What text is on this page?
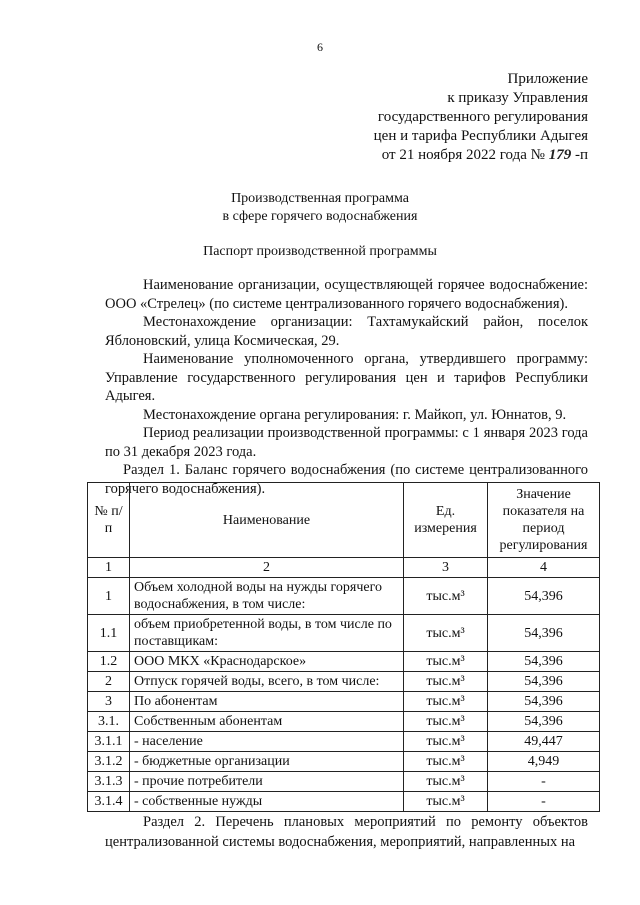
6
Приложение
к приказу Управления
государственного регулирования
цен и тарифа Республики Адыгея
от 21 ноября 2022 года № 179 -п
Производственная программа
в сфере горячего водоснабжения
Паспорт производственной программы

Наименование организации, осуществляющей горячее водоснабжение: ООО «Стрелец» (по системе централизованного горячего водоснабжения).

Местонахождение организации: Тахтамукайский район, поселок Яблоновский, улица Космическая, 29.

Наименование уполномоченного органа, утвердившего программу: Управление государственного регулирования цен и тарифов Республики Адыгея.

Местонахождение органа регулирования: г. Майкоп, ул. Юннатов, 9.

Период реализации производственной программы: с 1 января 2023 года по 31 декабря 2023 года.

Раздел 1. Баланс горячего водоснабжения (по системе централизованного горячего водоснабжения).

№ п/п	Наименование	Ед. измерения	Значение показателя на период регулирования
1	2	3	4
1	Объем холодной воды на нужды горячего водоснабжения, в том числе:	тыс.м³	54,396
1.1	объем приобретенной воды, в том числе по поставщикам:	тыс.м³	54,396
1.2	ООО МКХ «Краснодарское»	тыс.м³	54,396
2	Отпуск горячей воды, всего, в том числе:	тыс.м³	54,396
3	По абонентам	тыс.м³	54,396
3.1.	Собственным абонентам	тыс.м³	54,396
3.1.1	- население	тыс.м³	49,447
3.1.2	- бюджетные организации	тыс.м³	4,949
3.1.3	- прочие потребители	тыс.м³	-
3.1.4	- собственные нужды	тыс.м³	-

Раздел 2. Перечень плановых мероприятий по ремонту объектов централизованной системы водоснабжения, мероприятий, направленных на
